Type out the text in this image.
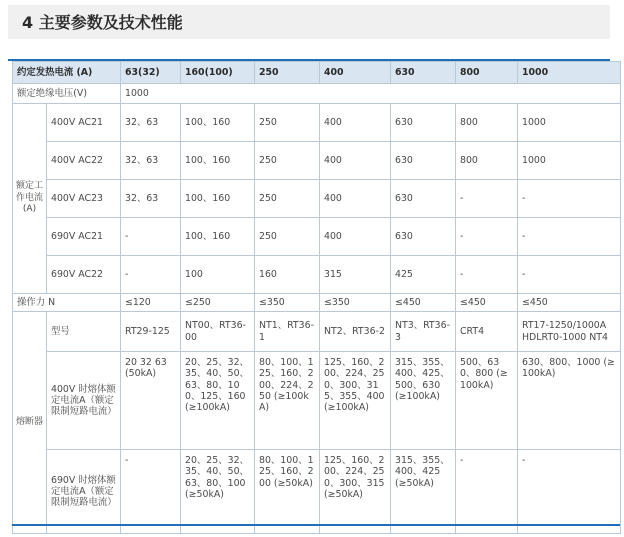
4 主要参数及技术性能
约定发热电流 (A)		63(32)	160(100)	250	400	630	800	1000
额定绝缘电压(V)		1000						
额定工作电流(A)	400V AC21	32、63	100、160	250	400	630	800	1000
	400V AC22	32、63	100、160	250	400	630	800	1000
	400V AC23	32、63	100、160	250	400	630	-	-
	690V AC21	-	100、160	250	400	630	-	-
	690V AC22	-	100	160	315	425	-	-
操作力 N		≤120	≤250	≤350	≤350	≤450	≤450	≤450
熔断器	型号	RT29-125	NT00、RT36-00	NT1、RT36-1	NT2、RT36-2	NT3、RT36-3	CRT4	RT17-1250/1000A HDLRT0-1000 NT4
	400V 时熔体额定电流A（额定限制短路电流）	20 32 63 (50kA)	20、25、32、35、40、50、63、80、100、125、160 (≥100kA)	80、100、125、160、200、224、250 (≥100kA)	125、160、200、224、250、300、315、355、400 (≥100kA)	315、355、400、425、500、630 (≥100kA)	500、630、800 (≥100kA)	630、800、1000 (≥100kA)
	690V 时熔体额定电流A（额定限制短路电流）	-	20、25、32、35、40、50、63、80、100 (≥50kA)	80、100、125、160、200 (≥50kA)	125、160、200、224、250、300、315(≥50kA)	315、355、400、425 (≥50kA)	-	-
